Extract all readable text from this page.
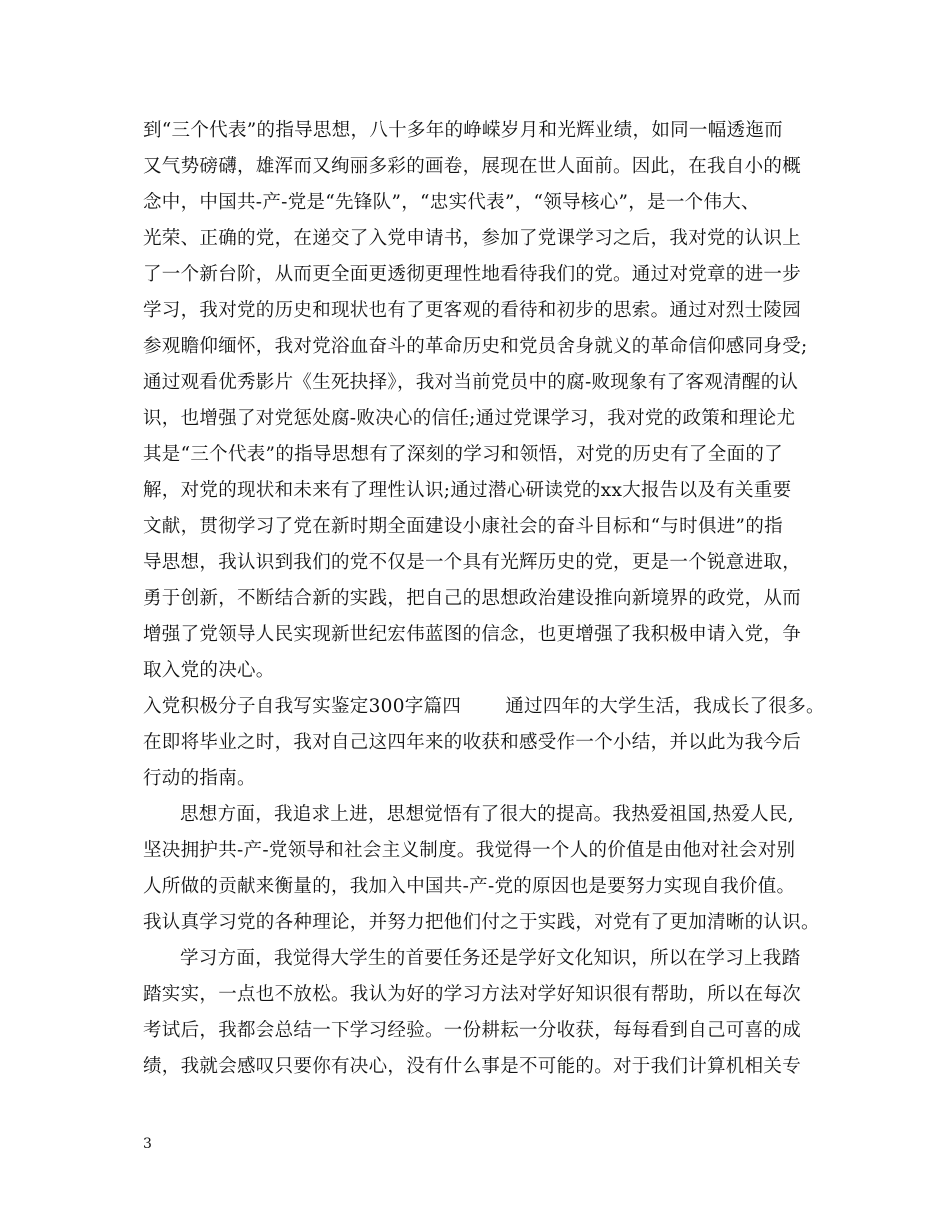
到“三个代表”的指导思想，八十多年的峥嵘岁月和光辉业绩，如同一幅透迤而
又气势磅礴，雄浑而又绚丽多彩的画卷，展现在世人面前。因此，在我自小的概
念中，中国共-产-党是“先锋队”，“忠实代表”，“领导核心”，是一个伟大、
光荣、正确的党，在递交了入党申请书，参加了党课学习之后，我对党的认识上
了一个新台阶，从而更全面更透彻更理性地看待我们的党。通过对党章的进一步
学习，我对党的历史和现状也有了更客观的看待和初步的思索。通过对烈士陵园
参观瞻仰缅怀，我对党浴血奋斗的革命历史和党员舍身就义的革命信仰感同身受;
通过观看优秀影片《生死抉择》，我对当前党员中的腐-败现象有了客观清醒的认
识，也增强了对党惩处腐-败决心的信任;通过党课学习，我对党的政策和理论尤
其是“三个代表”的指导思想有了深刻的学习和领悟，对党的历史有了全面的了
解，对党的现状和未来有了理性认识;通过潜心研读党的xx大报告以及有关重要
文献，贯彻学习了党在新时期全面建设小康社会的奋斗目标和“与时俱进”的指
导思想，我认识到我们的党不仅是一个具有光辉历史的党，更是一个锐意进取，
勇于创新，不断结合新的实践，把自己的思想政治建设推向新境界的政党，从而
增强了党领导人民实现新世纪宏伟蓝图的信念，也更增强了我积极申请入党，争
取入党的决心。
入党积极分子自我写实鉴定300字篇四 通过四年的大学生活，我成长了很多。
在即将毕业之时，我对自己这四年来的收获和感受作一个小结，并以此为我今后
行动的指南。
思想方面，我追求上进，思想觉悟有了很大的提高。我热爱祖国,热爱人民,
坚决拥护共-产-党领导和社会主义制度。我觉得一个人的价值是由他对社会对别
人所做的贡献来衡量的，我加入中国共-产-党的原因也是要努力实现自我价值。
我认真学习党的各种理论，并努力把他们付之于实践，对党有了更加清晰的认识。
学习方面，我觉得大学生的首要任务还是学好文化知识，所以在学习上我踏
踏实实，一点也不放松。我认为好的学习方法对学好知识很有帮助，所以在每次
考试后，我都会总结一下学习经验。一份耕耘一分收获，每每看到自己可喜的成
绩，我就会感叹只要你有决心，没有什么事是不可能的。对于我们计算机相关专
3
